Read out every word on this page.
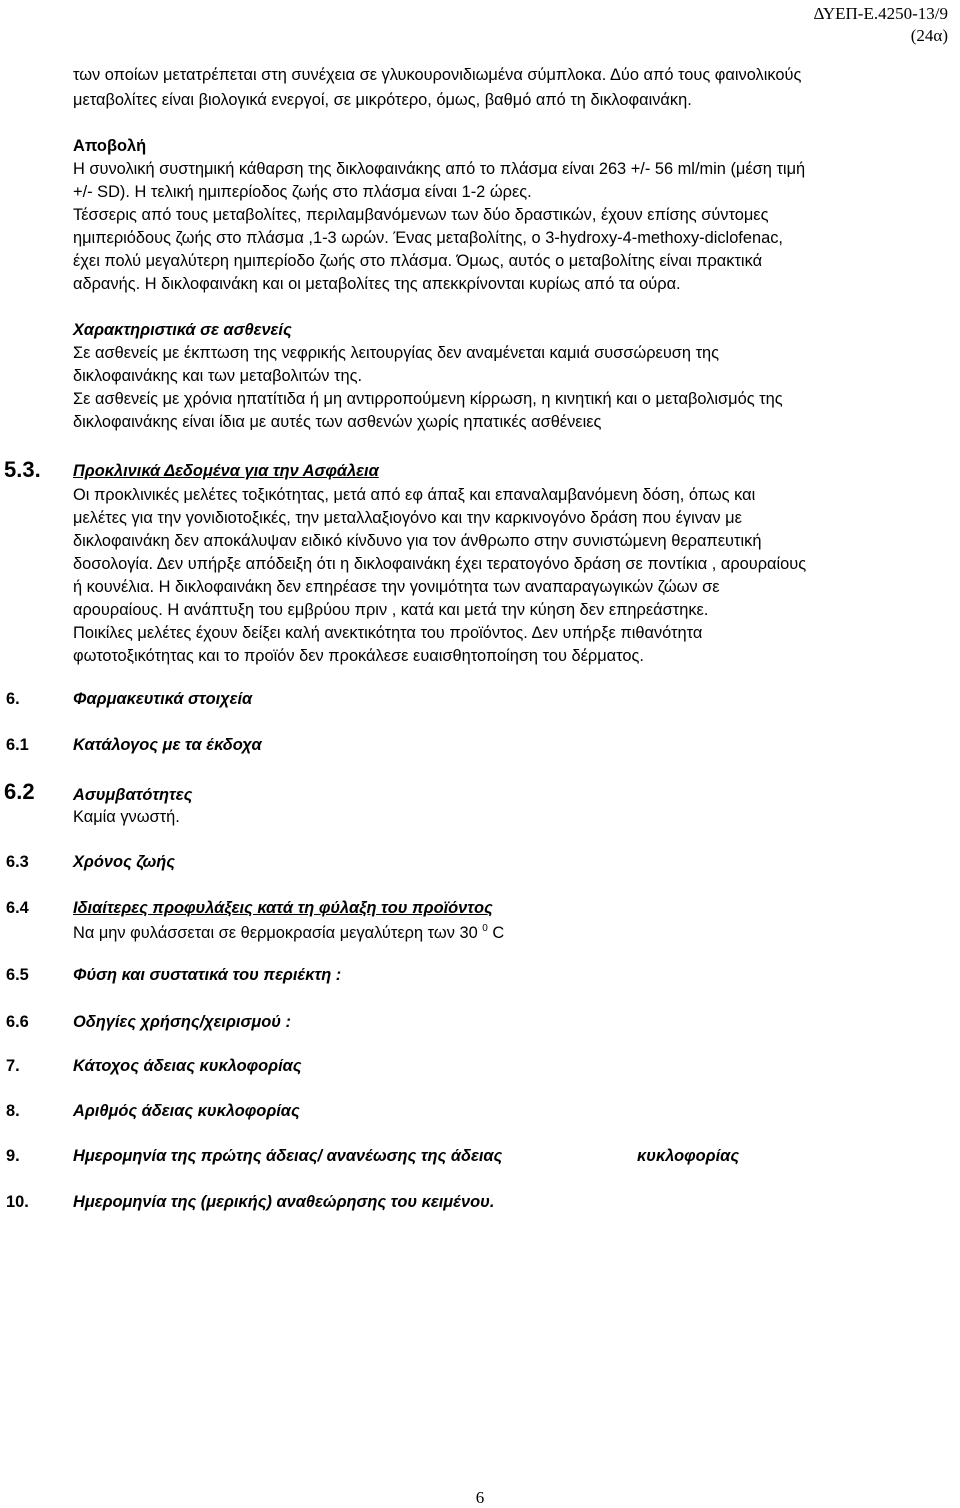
ΔΥΕΠ-Ε.4250-13/9
(24α)
των οποίων μετατρέπεται στη συνέχεια σε γλυκουρονιδιωμένα σύμπλοκα. Δύο από τους φαινολικούς
μεταβολίτες είναι βιολογικά ενεργοί, σε μικρότερο, όμως, βαθμό από τη δικλοφαινάκη.
Αποβολή
Η συνολική συστημική κάθαρση της δικλοφαινάκης από το πλάσμα είναι 263 +/- 56 ml/min (μέση τιμή
+/- SD). Η τελική ημιπερίοδος ζωής στο πλάσμα είναι 1-2 ώρες.
Τέσσερις από τους μεταβολίτες, περιλαμβανόμενων των δύο δραστικών, έχουν επίσης σύντομες
ημιπεριόδους ζωής στο πλάσμα ,1-3 ωρών. Ένας μεταβολίτης, ο 3-hydroxy-4-methoxy-diclofenac,
έχει πολύ μεγαλύτερη ημιπερίοδο ζωής στο πλάσμα. Όμως, αυτός ο μεταβολίτης είναι πρακτικά
αδρανής. Η δικλοφαινάκη και οι μεταβολίτες της απεκκρίνονται κυρίως από τα ούρα.
Χαρακτηριστικά σε ασθενείς
Σε ασθενείς με έκπτωση της νεφρικής λειτουργίας δεν αναμένεται καμιά συσσώρευση της
δικλοφαινάκης και των μεταβολιτών της.
Σε ασθενείς με χρόνια ηπατίτιδα ή μη αντιρροπούμενη κίρρωση, η κινητική και ο μεταβολισμός της
δικλοφαινάκης είναι ίδια με αυτές των ασθενών χωρίς ηπατικές ασθένειες
5.3. Προκλινικά Δεδομένα για την Ασφάλεια
Οι προκλινικές μελέτες τοξικότητας, μετά από εφ άπαξ και επαναλαμβανόμενη δόση, όπως και
μελέτες για την γονιδιοτοξικές, την μεταλλαξιογόνο και την καρκινογόνο δράση που έγιναν με
δικλοφαινάκη δεν αποκάλυψαν ειδικό κίνδυνο για τον άνθρωπο στην συνιστώμενη θεραπευτική
δοσολογία. Δεν υπήρξε απόδειξη ότι η δικλοφαινάκη έχει τερατογόνο δράση σε ποντίκια , αρουραίους
ή κουνέλια. Η δικλοφαινάκη δεν επηρέασε την γονιμότητα των αναπαραγωγικών ζώων σε
αρουραίους. Η ανάπτυξη του εμβρύου πριν , κατά και μετά την κύηση δεν επηρεάστηκε.
Ποικίλες μελέτες έχουν δείξει καλή ανεκτικότητα του προϊόντος. Δεν υπήρξε πιθανότητα
φωτοτοξικότητας και το προϊόν δεν προκάλεσε ευαισθητοποίηση του δέρματος.
6.	Φαρμακευτικά στοιχεία
6.1	Κατάλογος με τα έκδοχα
6.2 Ασυμβατότητες
Καμία γνωστή.
6.3	Χρόνος ζωής
6.4	Ιδιαίτερες προφυλάξεις κατά τη φύλαξη του προϊόντος
Να μην φυλάσσεται σε θερμοκρασία μεγαλύτερη των 30 $^0$ C
6.5	Φύση και συστατικά του περιέκτη :
6.6	Οδηγίες χρήσης/χειρισμού :
7.	Κάτοχος άδειας κυκλοφορίας
8.	Αριθμός άδειας κυκλοφορίας
9.	Ημερομηνία της πρώτης άδειας/ ανανέωσης της άδειας	κυκλοφορίας
10.	Ημερομηνία της (μερικής) αναθεώρησης του κειμένου.
6
